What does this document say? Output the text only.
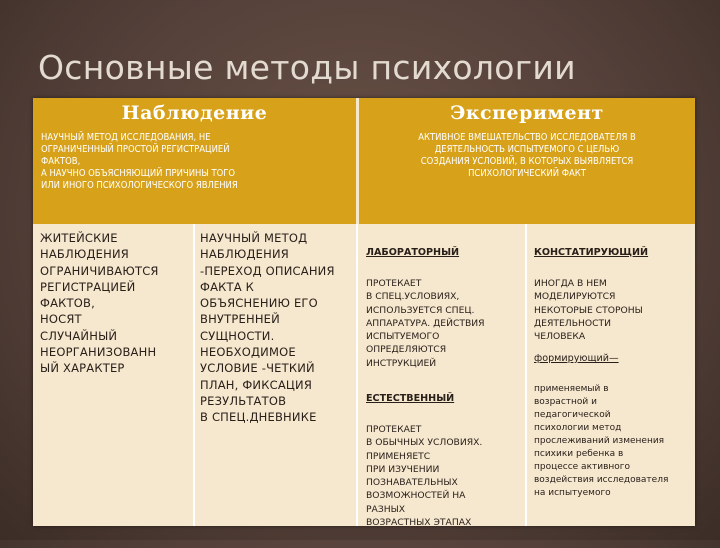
Основные методы психологии
Наблюдение
НАУЧНЫЙ МЕТОД ИССЛЕДОВАНИЯ, НЕ
ОГРАНИЧЕННЫЙ ПРОСТОЙ РЕГИСТРАЦИЕЙ
ФАКТОВ,
А НАУЧНО ОБЪЯСНЯЮЩИЙ ПРИЧИНЫ ТОГО
ИЛИ ИНОГО ПСИХОЛОГИЧЕСКОГО ЯВЛЕНИЯ
Эксперимент
АКТИВНОЕ ВМЕШАТЕЛЬСТВО ИССЛЕДОВАТЕЛЯ В
ДЕЯТЕЛЬНОСТЬ ИСПЫТУЕМОГО С ЦЕЛЬЮ
СОЗДАНИЯ УСЛОВИЙ, В КОТОРЫХ ВЫЯВЛЯЕТСЯ
ПСИХОЛОГИЧЕСКИЙ ФАКТ
ЖИТЕЙСКИЕ
НАБЛЮДЕНИЯ
ОГРАНИЧИВАЮТСЯ
РЕГИСТРАЦИЕЙ
ФАКТОВ,
НОСЯТ
СЛУЧАЙНЫЙ
НЕОРГАНИЗОВАНН
ЫЙ ХАРАКТЕР
НАУЧНЫЙ МЕТОД
НАБЛЮДЕНИЯ
-ПЕРЕХОД ОПИСАНИЯ
ФАКТА К
ОБЪЯСНЕНИЮ ЕГО
ВНУТРЕННЕЙ
СУЩНОСТИ.
НЕОБХОДИМОЕ
УСЛОВИЕ -ЧЕТКИЙ
ПЛАН, ФИКСАЦИЯ
РЕЗУЛЬТАТОВ
В СПЕЦ.ДНЕВНИКЕ

ЛАБОРАТОРНЫЙ

ПРОТЕКАЕТ
В СПЕЦ.УСЛОВИЯХ,
ИСПОЛЬЗУЕТСЯ СПЕЦ.
АППАРАТУРА. ДЕЙСТВИЯ
ИСПЫТУЕМОГО
ОПРЕДЕЛЯЮТСЯ
ИНСТРУКЦИЕЙ

ЕСТЕСТВЕННЫЙ

ПРОТЕКАЕТ
В ОБЫЧНЫХ УСЛОВИЯХ.
ПРИМЕНЯЕТС
ПРИ ИЗУЧЕНИИ
ПОЗНАВАТЕЛЬНЫХ
ВОЗМОЖНОСТЕЙ НА
РАЗНЫХ
ВОЗРАСТНЫХ ЭТАПАХ

КОНСТАТИРУЮЩИЙ

ИНОГДА В НЕМ
МОДЕЛИРУЮТСЯ
НЕКОТОРЫЕ СТОРОНЫ
ДЕЯТЕЛЬНОСТИ
ЧЕЛОВЕКА

формирующий—

применяемый в
возрастной и
педагогической
психологии метод
прослеживаний изменения
психики ребенка в
процессе активного
воздействия исследователя
на испытуемого
